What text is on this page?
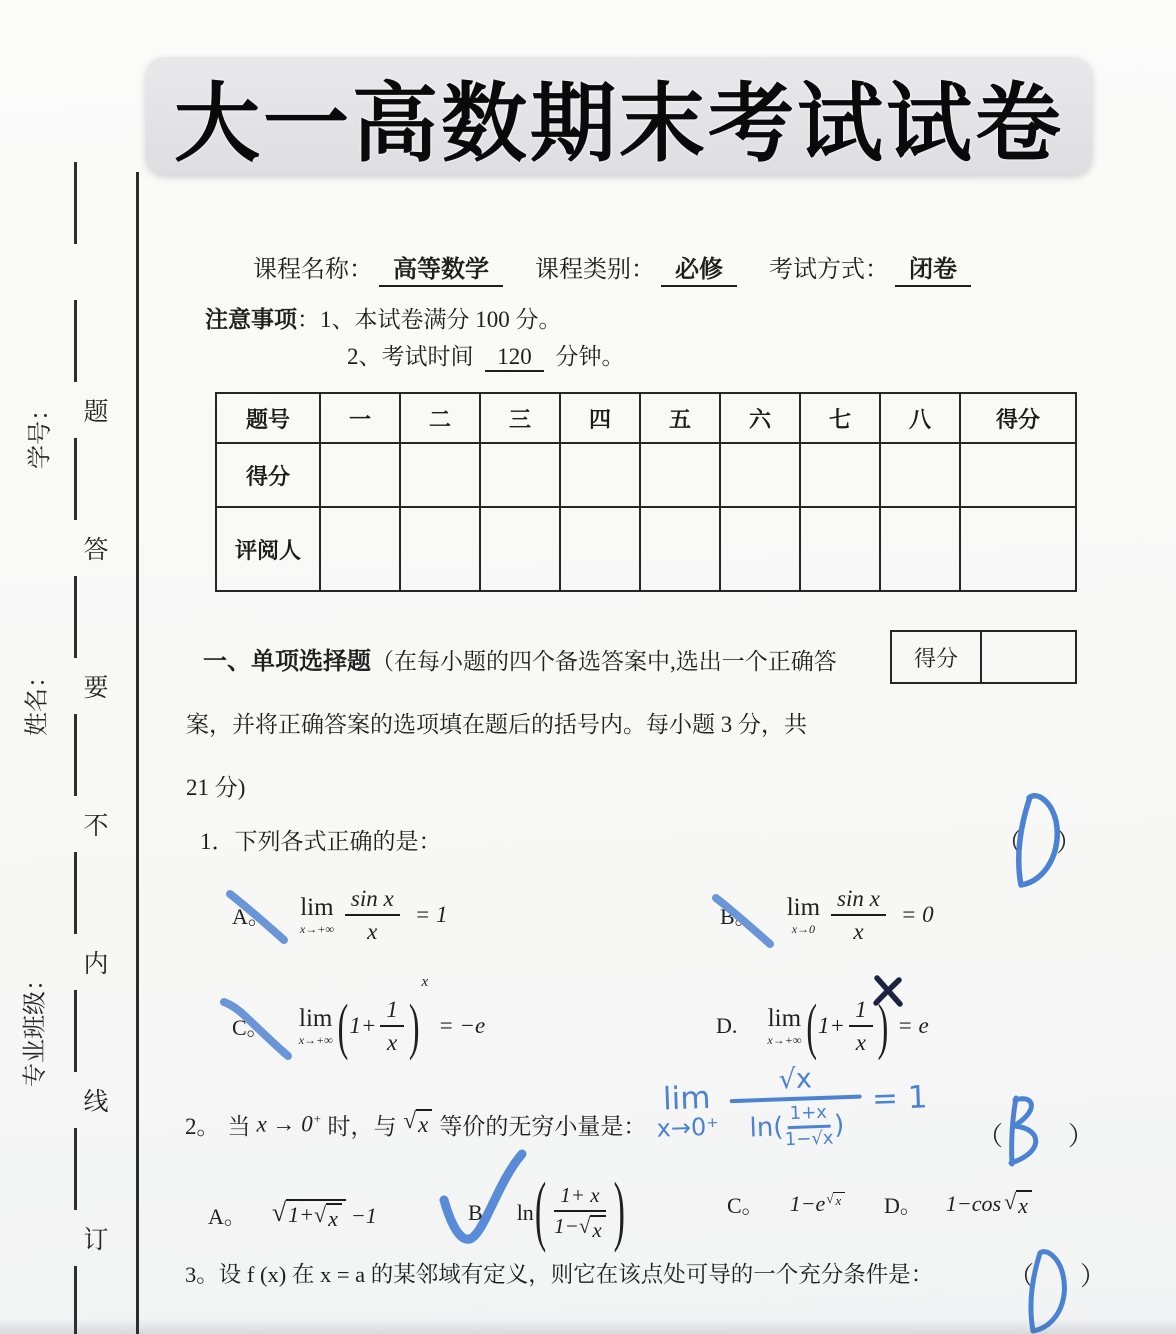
大一高数期末考试试卷
学号：
姓名：
专业班级：
题
答
要
不
内
线
订
课程名称： 高等数学	课程类别： 必修	考试方式： 闭卷
注意事项：1、本试卷满分 100 分。
2、考试时间 120 分钟。
题号	一	二	三	四	五	六	七	八	得分
得分									
评阅人									
一、单项选择题（在每小题的四个备选答案中,选出一个正确答	得分
案，并将正确答案的选项填在题后的括号内。每小题 3 分，共
21 分)
1．下列各式正确的是：	（ ）
A。 lim
$x\to+\infty \frac{\text{sin x}}{x} = 1$	B。 lim
$x\to 0 \frac{\text{sin x}}{x} = 0$
C。 lim
x→+∞ ( $1+ \frac{1}{x}$ )
x
= −e	D. lim
x→+∞ ( $1+ \frac{1}{x}$ ) = e
2。 当 x → 0+ 时，与 √ x 等价的无穷小量是：
lim
x→0⁺
√x
ln( 1+x
1−√x )
= 1
（ ）
A。 √ 1+ √ x −1	B ln ( $\frac{1+ x}{1- √ x}$ )	C。 1−e √ x D。 1−cos √ x
3。设 f (x) 在 x = a 的某邻域有定义，则它在该点处可导的一个充分条件是：	（ ）
